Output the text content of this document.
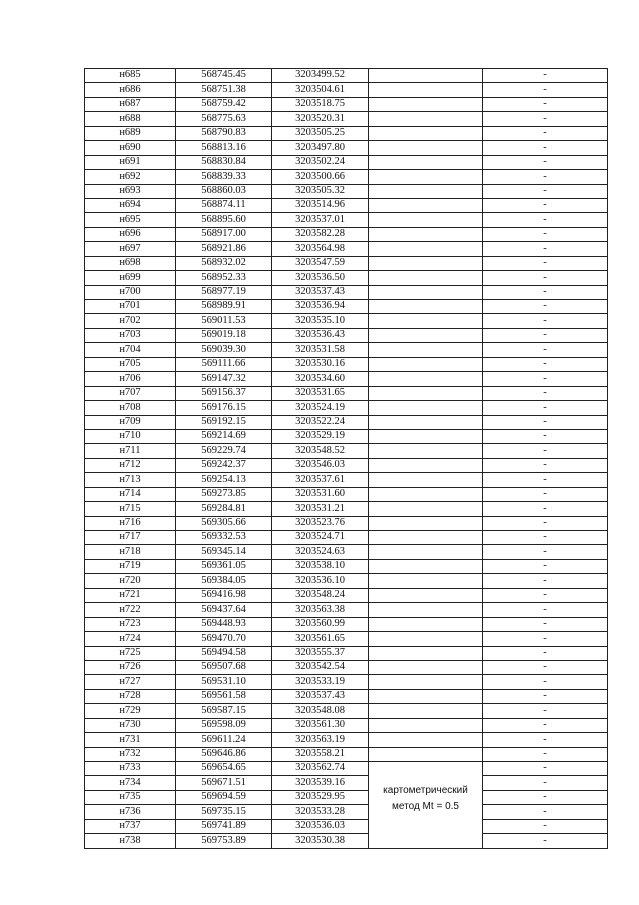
н685	568745.45	3203499.52		-
н686	568751.38	3203504.61		-
н687	568759.42	3203518.75		-
н688	568775.63	3203520.31		-
н689	568790.83	3203505.25		-
н690	568813.16	3203497.80		-
н691	568830.84	3203502.24		-
н692	568839.33	3203500.66		-
н693	568860.03	3203505.32		-
н694	568874.11	3203514.96		-
н695	568895.60	3203537.01		-
н696	568917.00	3203582.28		-
н697	568921.86	3203564.98		-
н698	568932.02	3203547.59		-
н699	568952.33	3203536.50		-
н700	568977.19	3203537.43		-
н701	568989.91	3203536.94		-
н702	569011.53	3203535.10		-
н703	569019.18	3203536.43		-
н704	569039.30	3203531.58		-
н705	569111.66	3203530.16		-
н706	569147.32	3203534.60		-
н707	569156.37	3203531.65		-
н708	569176.15	3203524.19		-
н709	569192.15	3203522.24		-
н710	569214.69	3203529.19		-
н711	569229.74	3203548.52		-
н712	569242.37	3203546.03		-
н713	569254.13	3203537.61		-
н714	569273.85	3203531.60		-
н715	569284.81	3203531.21		-
н716	569305.66	3203523.76		-
н717	569332.53	3203524.71		-
н718	569345.14	3203524.63		-
н719	569361.05	3203538.10		-
н720	569384.05	3203536.10		-
н721	569416.98	3203548.24		-
н722	569437.64	3203563.38		-
н723	569448.93	3203560.99		-
н724	569470.70	3203561.65		-
н725	569494.58	3203555.37		-
н726	569507.68	3203542.54		-
н727	569531.10	3203533.19		-
н728	569561.58	3203537.43		-
н729	569587.15	3203548.08		-
н730	569598.09	3203561.30		-
н731	569611.24	3203563.19		-
н732	569646.86	3203558.21		-
н733	569654.65	3203562.74		-
н734	569671.51	3203539.16		-
н735	569694.59	3203529.95		-
н736	569735.15	3203533.28		-
н737	569741.89	3203536.03		-
н738	569753.89	3203530.38		-
картометрический
метод Mt = 0.5
